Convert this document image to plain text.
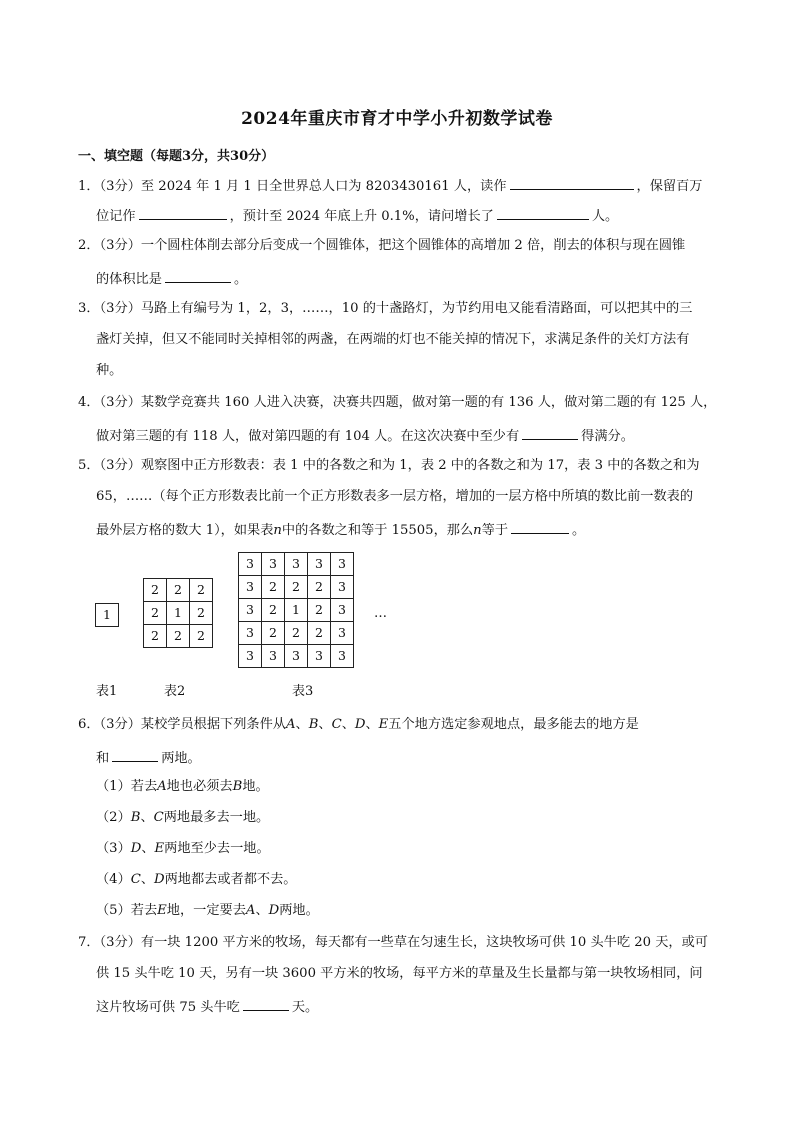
2024年重庆市育才中学小升初数学试卷
一、填空题（每题3分，共30分）
1．（3分）至 2024 年 1 月 1 日全世界总人口为 8203430161 人，读作	，保留百万
位记作	，预计至 2024 年底上升 0.1%，请问增长了	人。
2．（3分）一个圆柱体削去部分后变成一个圆锥体，把这个圆锥体的高增加 2 倍，削去的体积与现在圆锥
的体积比是	。
3．（3分）马路上有编号为 1，2，3，……，10 的十盏路灯，为节约用电又能看清路面，可以把其中的三
盏灯关掉，但又不能同时关掉相邻的两盏，在两端的灯也不能关掉的情况下，求满足条件的关灯方法有
种。
4．（3分）某数学竞赛共 160 人进入决赛，决赛共四题，做对第一题的有 136 人，做对第二题的有 125 人，
做对第三题的有 118 人，做对第四题的有 104 人。在这次决赛中至少有	得满分。
5．（3分）观察图中正方形数表：表 1 中的各数之和为 1，表 2 中的各数之和为 17，表 3 中的各数之和为
65，……（每个正方形数表比前一个正方形数表多一层方格，增加的一层方格中所填的数比前一数表的
最外层方格的数大 1），如果表n中的各数之和等于 15505，那么n等于	。
1
2	2	2
2	1	2
2	2	2
3	3	3	3	3
3	2	2	2	3
3	2	1	2	3
3	2	2	2	3
3	3	3	3	3
…
表1	表2	表3
6．（3分）某校学员根据下列条件从A、B、C、D、E五个地方选定参观地点，最多能去的地方是
和	两地。
（1）若去A地也必须去B地。
（2）B、C两地最多去一地。
（3）D、E两地至少去一地。
（4）C、D两地都去或者都不去。
（5）若去E地，一定要去A、D两地。
7．（3分）有一块 1200 平方米的牧场，每天都有一些草在匀速生长，这块牧场可供 10 头牛吃 20 天，或可
供 15 头牛吃 10 天，另有一块 3600 平方米的牧场，每平方米的草量及生长量都与第一块牧场相同，问
这片牧场可供 75 头牛吃	天。
